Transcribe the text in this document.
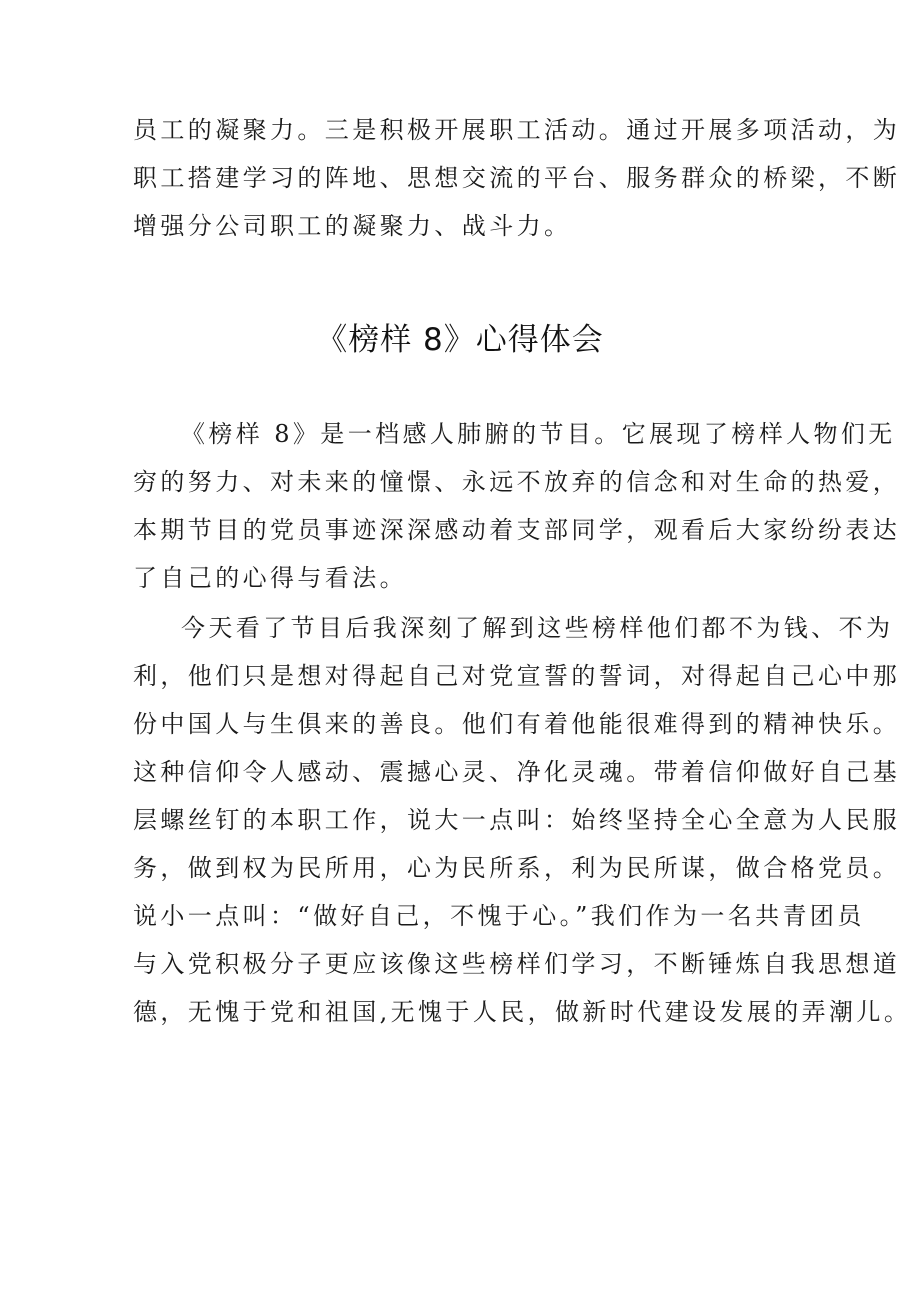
员工的凝聚力。三是积极开展职工活动。通过开展多项活动，为
职工搭建学习的阵地、思想交流的平台、服务群众的桥梁，不断
增强分公司职工的凝聚力、战斗力。
《榜样 8》心得体会
《榜样 8》是一档感人肺腑的节目。它展现了榜样人物们无
穷的努力、对未来的憧憬、永远不放弃的信念和对生命的热爱，
本期节目的党员事迹深深感动着支部同学，观看后大家纷纷表达
了自己的心得与看法。
今天看了节目后我深刻了解到这些榜样他们都不为钱、不为
利，他们只是想对得起自己对党宣誓的誓词，对得起自己心中那
份中国人与生俱来的善良。他们有着他能很难得到的精神快乐。
这种信仰令人感动、震撼心灵、净化灵魂。带着信仰做好自己基
层螺丝钉的本职工作，说大一点叫：始终坚持全心全意为人民服
务，做到权为民所用，心为民所系，利为民所谋，做合格党员。
说小一点叫：“做好自己，不愧于心。”我们作为一名共青团员
与入党积极分子更应该像这些榜样们学习，不断锤炼自我思想道
德，无愧于党和祖国,无愧于人民，做新时代建设发展的弄潮儿。
